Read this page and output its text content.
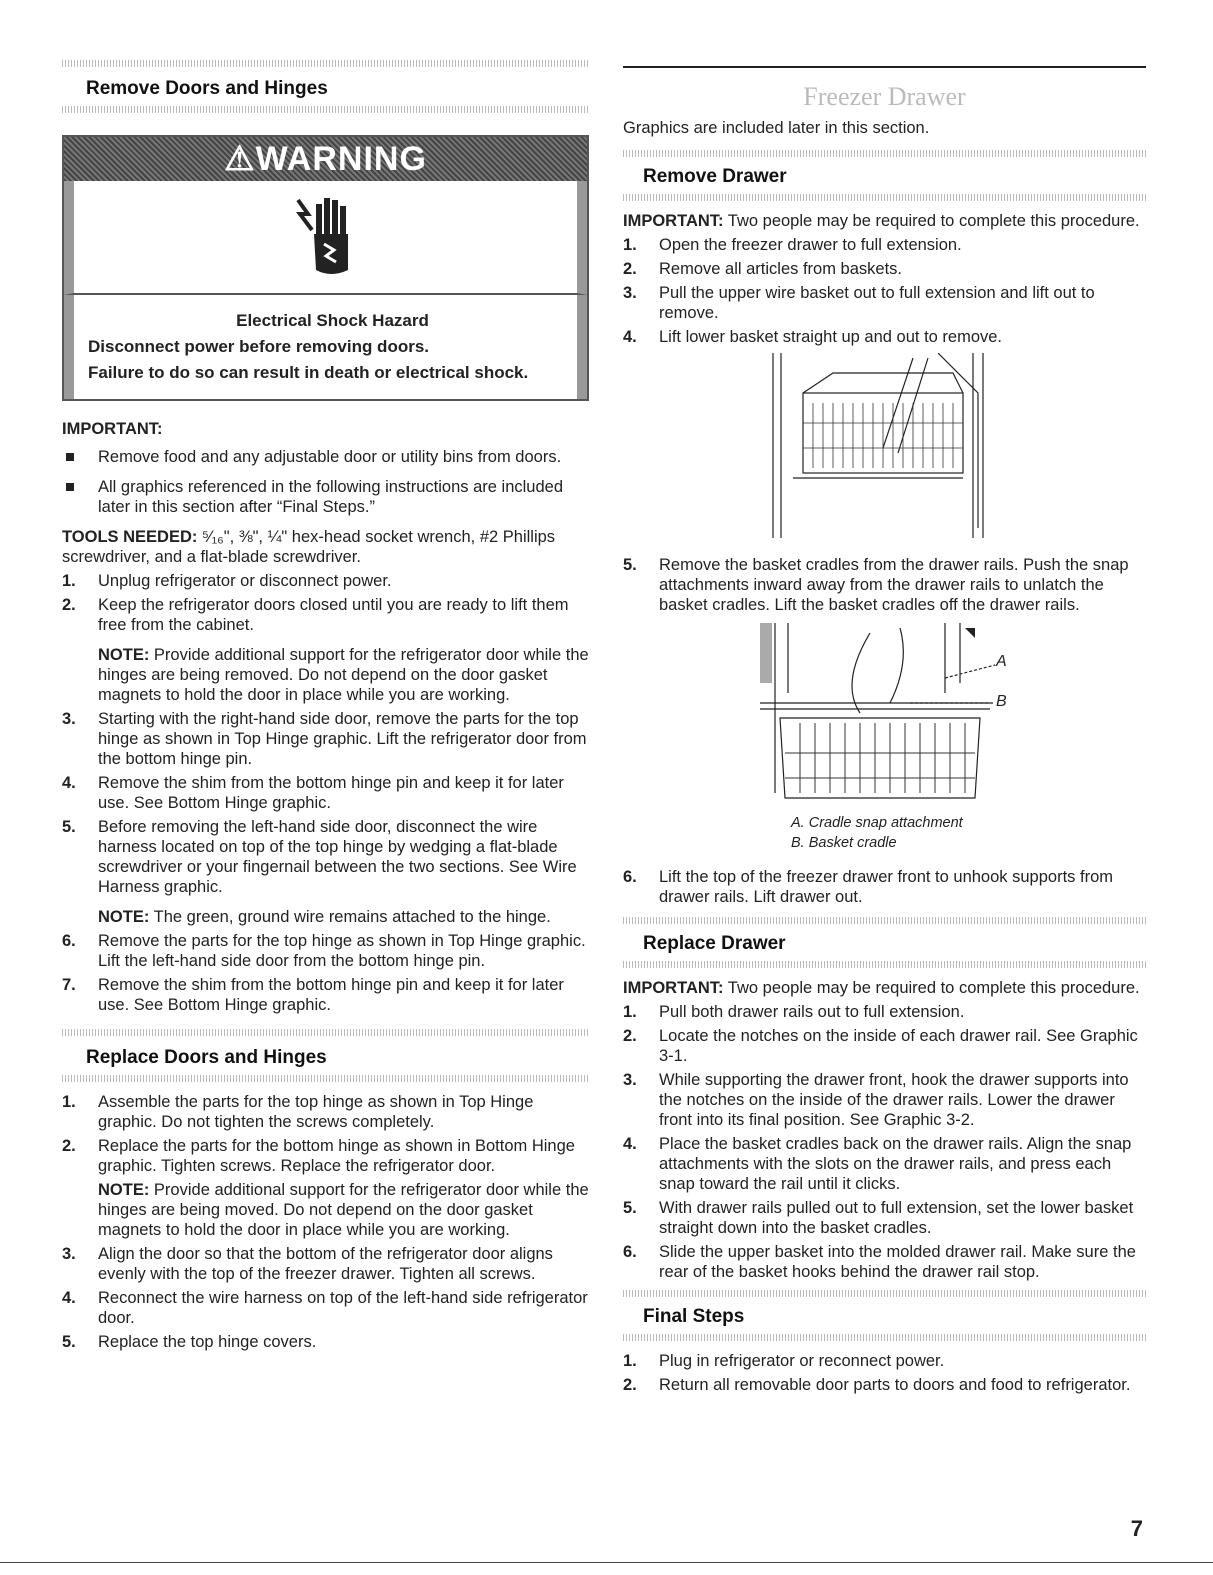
Remove Doors and Hinges
⚠WARNING
Electrical Shock Hazard
Disconnect power before removing doors.
Failure to do so can result in death or electrical shock.

IMPORTANT:

Remove food and any adjustable door or utility bins from doors.
All graphics referenced in the following instructions are included later in this section after “Final Steps.”

TOOLS NEEDED: ⁵⁄₁₆", ⅜", ¼" hex-head socket wrench, #2 Phillips screwdriver, and a flat-blade screwdriver.

1. Unplug refrigerator or disconnect power.
2. Keep the refrigerator doors closed until you are ready to lift them free from the cabinet.

NOTE: Provide additional support for the refrigerator door while the hinges are being removed. Do not depend on the door gasket magnets to hold the door in place while you are working.

3. Starting with the right-hand side door, remove the parts for the top hinge as shown in Top Hinge graphic. Lift the refrigerator door from the bottom hinge pin.
4. Remove the shim from the bottom hinge pin and keep it for later use. See Bottom Hinge graphic.
5. Before removing the left-hand side door, disconnect the wire harness located on top of the top hinge by wedging a flat-blade screwdriver or your fingernail between the two sections. See Wire Harness graphic.

NOTE: The green, ground wire remains attached to the hinge.

6. Remove the parts for the top hinge as shown in Top Hinge graphic. Lift the left-hand side door from the bottom hinge pin.
7. Remove the shim from the bottom hinge pin and keep it for later use. See Bottom Hinge graphic.
Replace Doors and Hinges
1. Assemble the parts for the top hinge as shown in Top Hinge graphic. Do not tighten the screws completely.
2. Replace the parts for the bottom hinge as shown in Bottom Hinge graphic. Tighten screws. Replace the refrigerator door.

NOTE: Provide additional support for the refrigerator door while the hinges are being moved. Do not depend on the door gasket magnets to hold the door in place while you are working.

3. Align the door so that the bottom of the refrigerator door aligns evenly with the top of the freezer drawer. Tighten all screws.
4. Reconnect the wire harness on top of the left-hand side refrigerator door.
5. Replace the top hinge covers.
Freezer Drawer

Graphics are included later in this section.

Remove Drawer

IMPORTANT: Two people may be required to complete this procedure.

1. Open the freezer drawer to full extension.
2. Remove all articles from baskets.
3. Pull the upper wire basket out to full extension and lift out to remove.
4. Lift lower basket straight up and out to remove.
5. Remove the basket cradles from the drawer rails. Push the snap attachments inward away from the drawer rails to unlatch the basket cradles. Lift the basket cradles off the drawer rails.
A
B
A. Cradle snap attachment
B. Basket cradle
6. Lift the top of the freezer drawer front to unhook supports from drawer rails. Lift drawer out.
Replace Drawer

IMPORTANT: Two people may be required to complete this procedure.

1. Pull both drawer rails out to full extension.
2. Locate the notches on the inside of each drawer rail. See Graphic 3-1.
3. While supporting the drawer front, hook the drawer supports into the notches on the inside of the drawer rails. Lower the drawer front into its final position. See Graphic 3-2.
4. Place the basket cradles back on the drawer rails. Align the snap attachments with the slots on the drawer rails, and press each snap toward the rail until it clicks.
5. With drawer rails pulled out to full extension, set the lower basket straight down into the basket cradles.
6. Slide the upper basket into the molded drawer rail. Make sure the rear of the basket hooks behind the drawer rail stop.
Final Steps
1. Plug in refrigerator or reconnect power.
2. Return all removable door parts to doors and food to refrigerator.
7
